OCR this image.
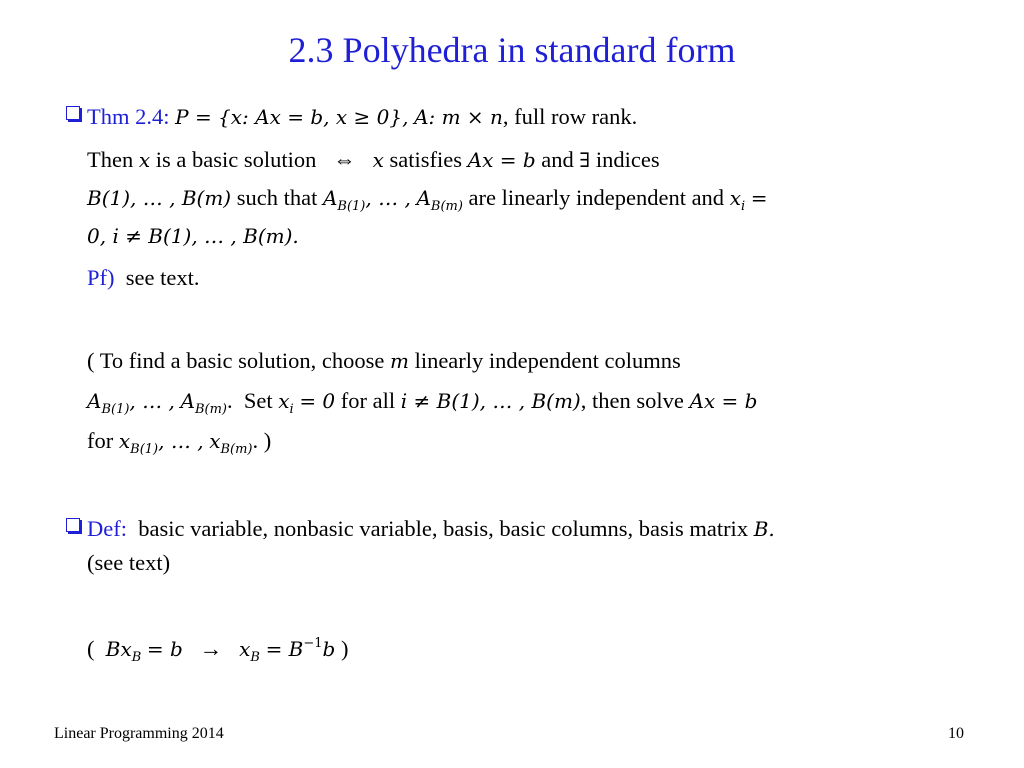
2.3 Polyhedra in standard form
Thm 2.4: P = {x: Ax = b, x ≥ 0}, A: m × n, full row rank.
Then x is a basic solution ⇔ x satisfies Ax = b and ∃ indices
B(1), … , B(m) such that $A_{B(1)}$, … , $A_{B(m)}$ are linearly independent and $x_i$ =
0, i ≠ B(1), … , B(m).
Pf) see text.
( To find a basic solution, choose m linearly independent columns
$A_{B(1)}$, … , $A_{B(m)}$. Set $x_i = 0$ for all i ≠ B(1), … , B(m), then solve Ax = b
for $x_{B(1)}$, … , $x_{B(m)}$. )
Def: basic variable, nonbasic variable, basis, basic columns, basis matrix B.
(see text)
( $Bx_B = b \to x_B = B^{-1}b$ )
Linear Programming 2014	10
